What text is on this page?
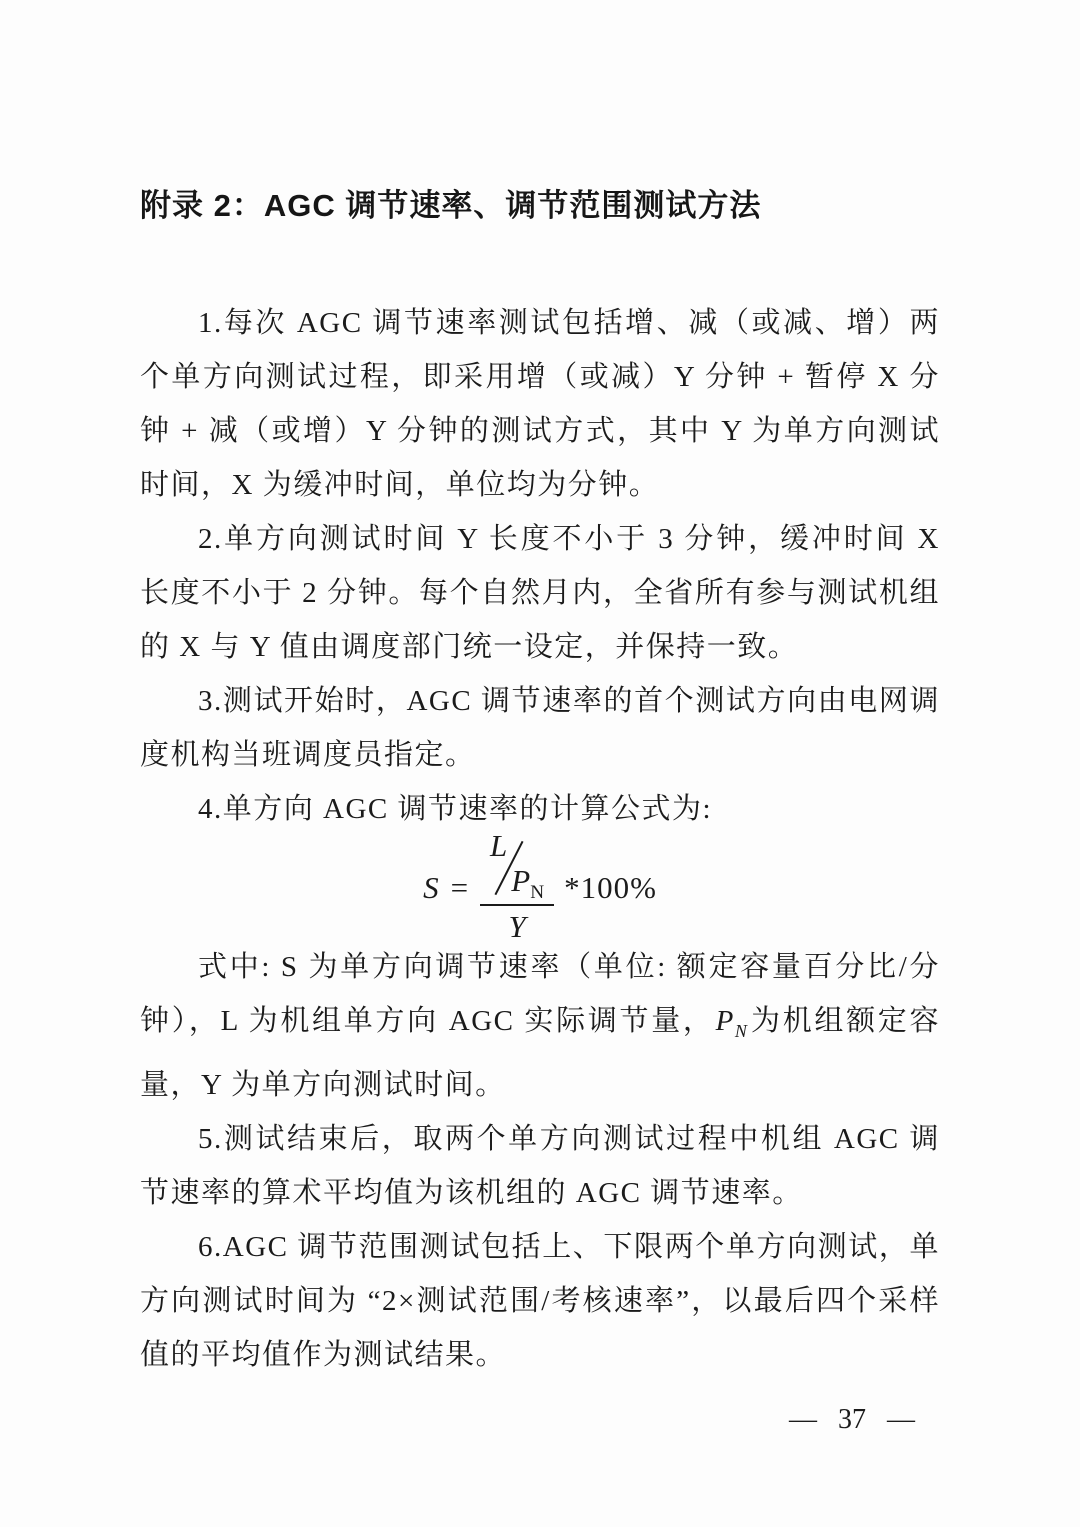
附录 2：AGC 调节速率、调节范围测试方法

1.每次 AGC 调节速率测试包括增、减（或减、增）两个单方向测试过程，即采用增（或减）Y 分钟 + 暂停 X 分钟 + 减（或增）Y 分钟的测试方式，其中 Y 为单方向测试时间，X 为缓冲时间，单位均为分钟。

2.单方向测试时间 Y 长度不小于 3 分钟，缓冲时间 X 长度不小于 2 分钟。每个自然月内，全省所有参与测试机组的 X 与 Y 值由调度部门统一设定，并保持一致。

3.测试开始时，AGC 调节速率的首个测试方向由电网调度机构当班调度员指定。

4.单方向 AGC 调节速率的计算公式为:

S = L
$P_N$
Y *100%

式中: S 为单方向调节速率（单位: 额定容量百分比/分钟），L 为机组单方向 AGC 实际调节量，$P_N$ 为机组额定容量，Y 为单方向测试时间。

5.测试结束后，取两个单方向测试过程中机组 AGC 调节速率的算术平均值为该机组的 AGC 调节速率。

6.AGC 调节范围测试包括上、下限两个单方向测试，单方向测试时间为 “2×测试范围/考核速率”，以最后四个采样值的平均值作为测试结果。

— 37 —
